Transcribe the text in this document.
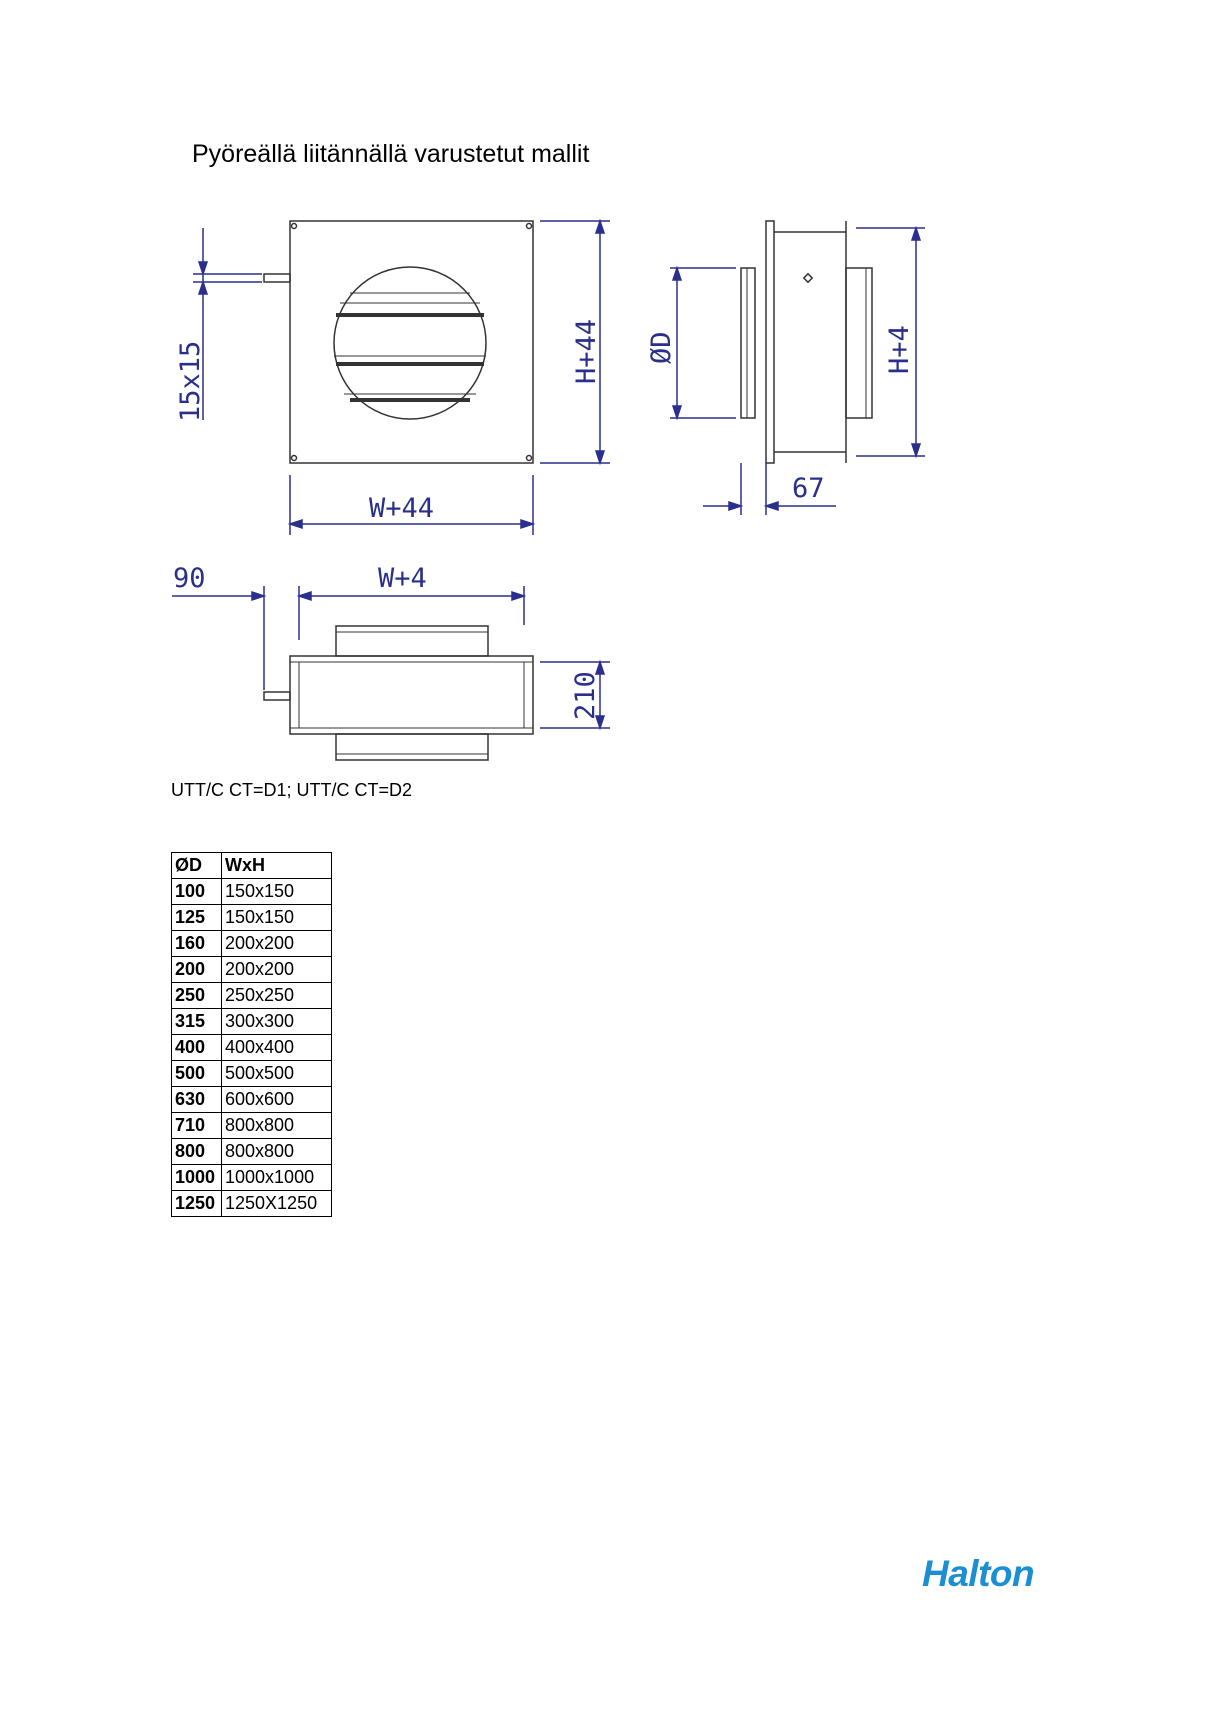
Pyöreällä liitännällä varustetut mallit
15x15	H+44
W+44
ØD	H+4
67
90	W+4
210
UTT/C CT=D1; UTT/C CT=D2
ØD	WxH
100	150x150
125	150x150
160	200x200
200	200x200
250	250x250
315	300x300
400	400x400
500	500x500
630	600x600
710	800x800
800	800x800
1000	1000x1000
1250	1250X1250
Halton
